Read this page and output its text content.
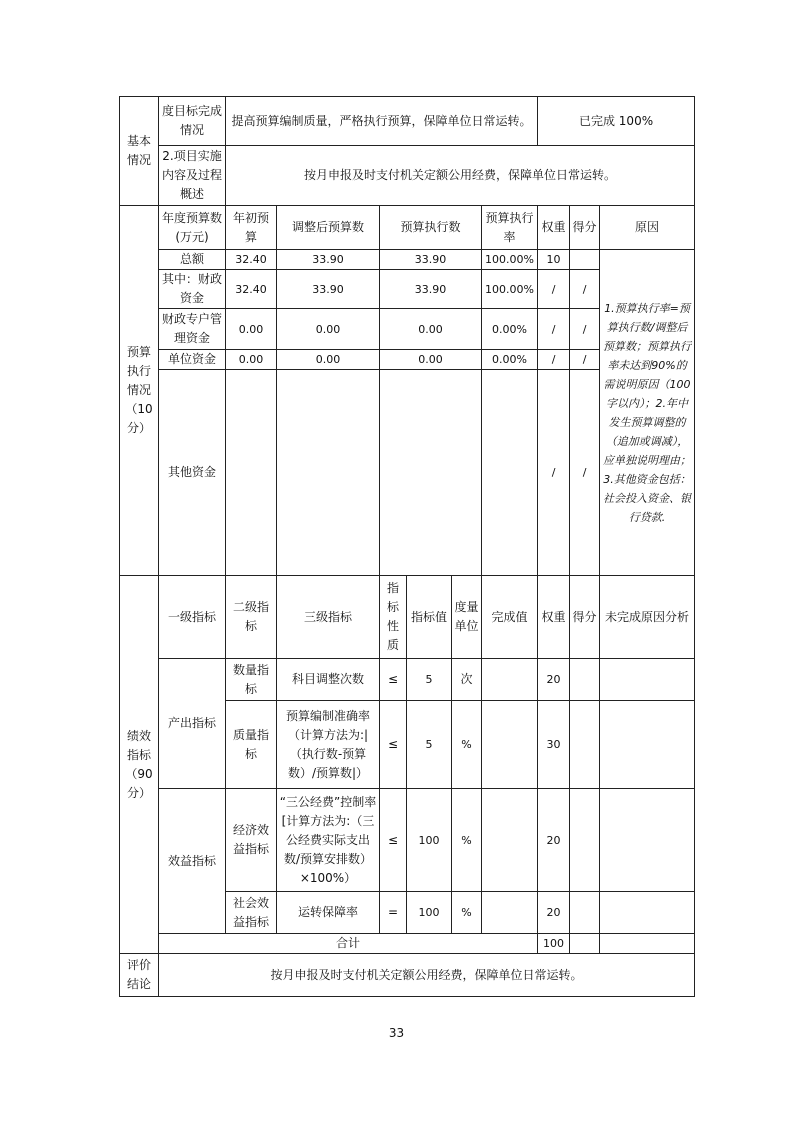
基本
情况	度目标完成情况	提高预算编制质量，严格执行预算，保障单位日常运转。						已完成 100%		
	2.项目实施内容及过程概述	按月申报及时支付机关定额公用经费，保障单位日常运转。								
预算
执行
情况
（10
分）	年度预算数(万元)	年初预算	调整后预算数	预算执行数			预算执行率	权重	得分	原因
	总额	32.40	33.90	33.90			100.00%	10		1.预算执行率=预算执行数/调整后预算数；预算执行率未达到90%的需说明原因（100字以内）；2.年中发生预算调整的（追加或调减），应单独说明理由；3.其他资金包括：社会投入资金、银行贷款.
	其中：财政资金	32.40	33.90	33.90			100.00%	/	/	
	财政专户管理资金	0.00	0.00	0.00			0.00%	/	/	
	单位资金	0.00	0.00	0.00			0.00%	/	/	
	其他资金							/	/	
绩效
指标
（90
分）	一级指标	二级指标	三级指标	指标性质	指标值	度量单位	完成值	权重	得分	未完成原因分析
	产出指标	数量指标	科目调整次数	≤	5	次		20		
		质量指标	预算编制准确率（计算方法为:|（执行数-预算数）/预算数|）	≤	5	%		30		
	效益指标	经济效益指标	“三公经费”控制率[计算方法为:（三公经费实际支出数/预算安排数）×100%）	≤	100	%		20		
		社会效益指标	运转保障率	=	100	%		20		
	合计							100		
评价
结论	按月申报及时支付机关定额公用经费，保障单位日常运转。									
33
